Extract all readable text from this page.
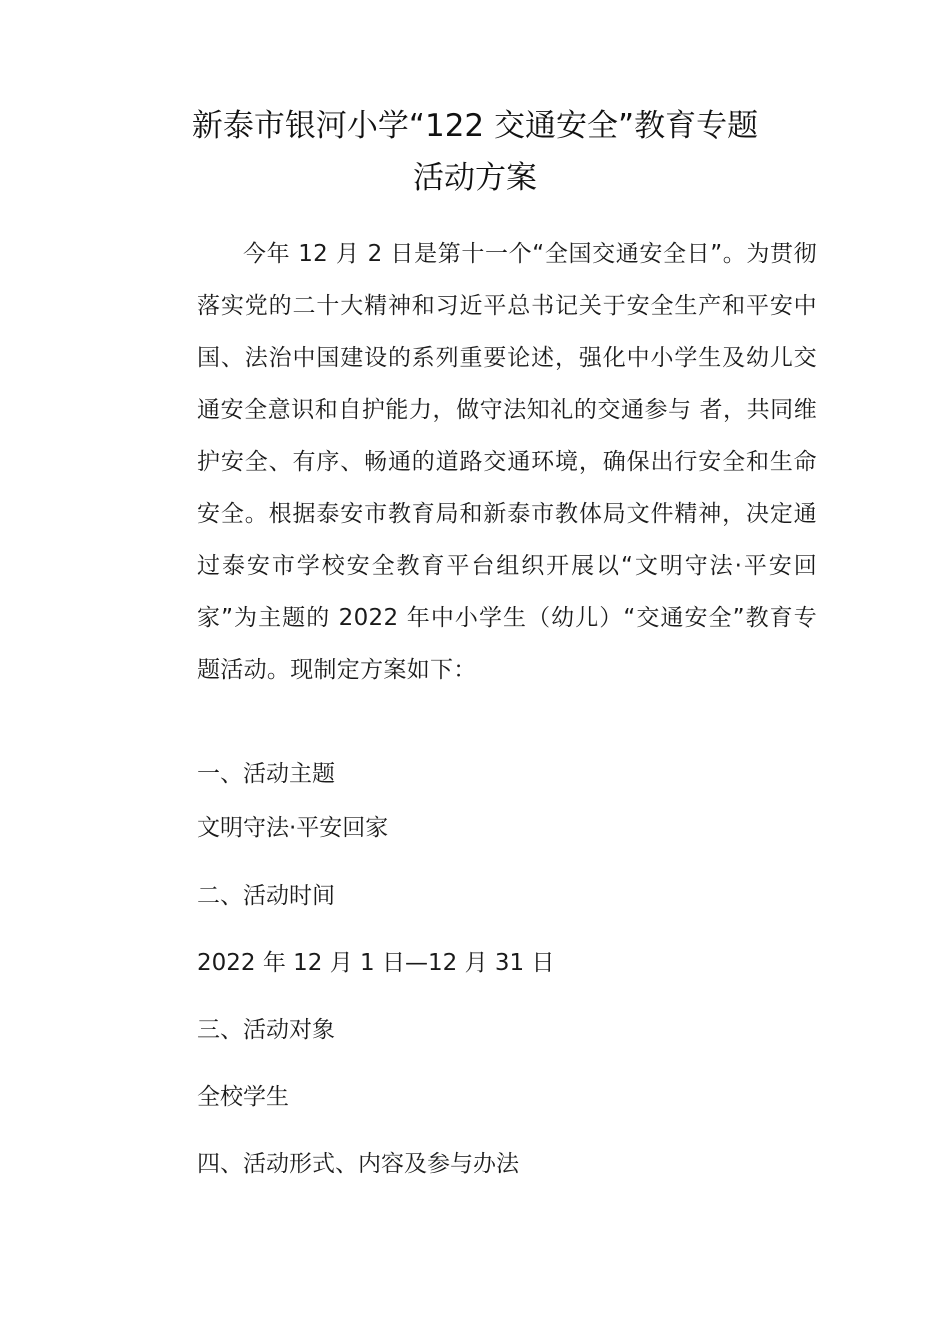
新泰市银河小学“122 交通安全”教育专题
活动方案

今年 12 月 2 日是第十一个“全国交通安全日”。为贯彻落实党的二十大精神和习近平总书记关于安全生产和平安中国、法治中国建设的系列重要论述，强化中小学生及幼儿交通安全意识和自护能力，做守法知礼的交通参与 者，共同维护安全、有序、畅通的道路交通环境，确保出行安全和生命安全。根据泰安市教育局和新泰市教体局文件精神，决定通过泰安市学校安全教育平台组织开展以“文明守法·平安回家”为主题的 2022 年中小学生（幼儿）“交通安全”教育专题活动。现制定方案如下：

一、活动主题

文明守法·平安回家

二、活动时间

2022 年 12 月 1 日—12 月 31 日

三、活动对象

全校学生

四、活动形式、内容及参与办法
